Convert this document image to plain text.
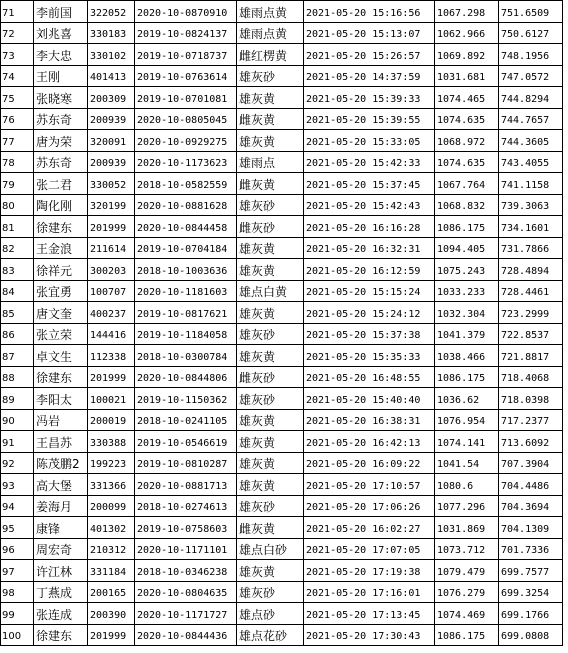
71	李前国	322052	2020-10-0870910	雄雨点黄	2021-05-20 15:16:56	1067.298	751.6509
72	刘兆喜	330183	2019-10-0824137	雄雨点黄	2021-05-20 15:13:07	1062.966	750.6127
73	李大忠	330102	2019-10-0718737	雌红楞黄	2021-05-20 15:26:57	1069.892	748.1956
74	王刚	401413	2019-10-0763614	雄灰砂	2021-05-20 14:37:59	1031.681	747.0572
75	张晓寒	200309	2019-10-0701081	雄灰黄	2021-05-20 15:39:33	1074.465	744.8294
76	苏东奇	200939	2020-10-0805045	雌灰黄	2021-05-20 15:39:55	1074.635	744.7657
77	唐为荣	320091	2020-10-0929275	雄灰黄	2021-05-20 15:33:05	1068.972	744.3605
78	苏东奇	200939	2020-10-1173623	雄雨点	2021-05-20 15:42:33	1074.635	743.4055
79	张二君	330052	2018-10-0582559	雌灰黄	2021-05-20 15:37:45	1067.764	741.1158
80	陶化刚	320199	2020-10-0881628	雄灰砂	2021-05-20 15:42:43	1068.832	739.3063
81	徐建东	201999	2020-10-0844458	雌灰砂	2021-05-20 16:16:28	1086.175	734.1601
82	王金浪	211614	2019-10-0704184	雄灰黄	2021-05-20 16:32:31	1094.405	731.7866
83	徐祥元	300203	2018-10-1003636	雄灰黄	2021-05-20 16:12:59	1075.243	728.4894
84	张宜勇	100707	2020-10-1181603	雄点白黄	2021-05-20 15:15:24	1033.233	728.4461
85	唐文奎	400237	2019-10-0817621	雄灰黄	2021-05-20 15:24:12	1032.304	723.2999
86	张立荣	144416	2019-10-1184058	雄灰砂	2021-05-20 15:37:38	1041.379	722.8537
87	卓文生	112338	2018-10-0300784	雄灰黄	2021-05-20 15:35:33	1038.466	721.8817
88	徐建东	201999	2020-10-0844806	雌灰砂	2021-05-20 16:48:55	1086.175	718.4068
89	李阳太	100021	2019-10-1150362	雄灰砂	2021-05-20 15:40:40	1036.62	718.0398
90	冯岩	200019	2018-10-0241105	雄灰黄	2021-05-20 16:38:31	1076.954	717.2377
91	王昌苏	330388	2019-10-0546619	雄灰黄	2021-05-20 16:42:13	1074.141	713.6092
92	陈茂鹏2	199223	2019-10-0810287	雄灰黄	2021-05-20 16:09:22	1041.54	707.3904
93	高大堡	331366	2020-10-0881713	雄灰黄	2021-05-20 17:10:57	1080.6	704.4486
94	姜海月	200099	2018-10-0274613	雄灰砂	2021-05-20 17:06:26	1077.296	704.3694
95	康锋	401302	2019-10-0758603	雌灰黄	2021-05-20 16:02:27	1031.869	704.1309
96	周宏奇	210312	2020-10-1171101	雄点白砂	2021-05-20 17:07:05	1073.712	701.7336
97	许江林	331184	2018-10-0346238	雄灰黄	2021-05-20 17:19:38	1079.479	699.7577
98	丁燕成	200165	2020-10-0804635	雄灰砂	2021-05-20 17:16:01	1076.279	699.3254
99	张连成	200390	2020-10-1171727	雄点砂	2021-05-20 17:13:45	1074.469	699.1766
100	徐建东	201999	2020-10-0844436	雄点花砂	2021-05-20 17:30:43	1086.175	699.0808
